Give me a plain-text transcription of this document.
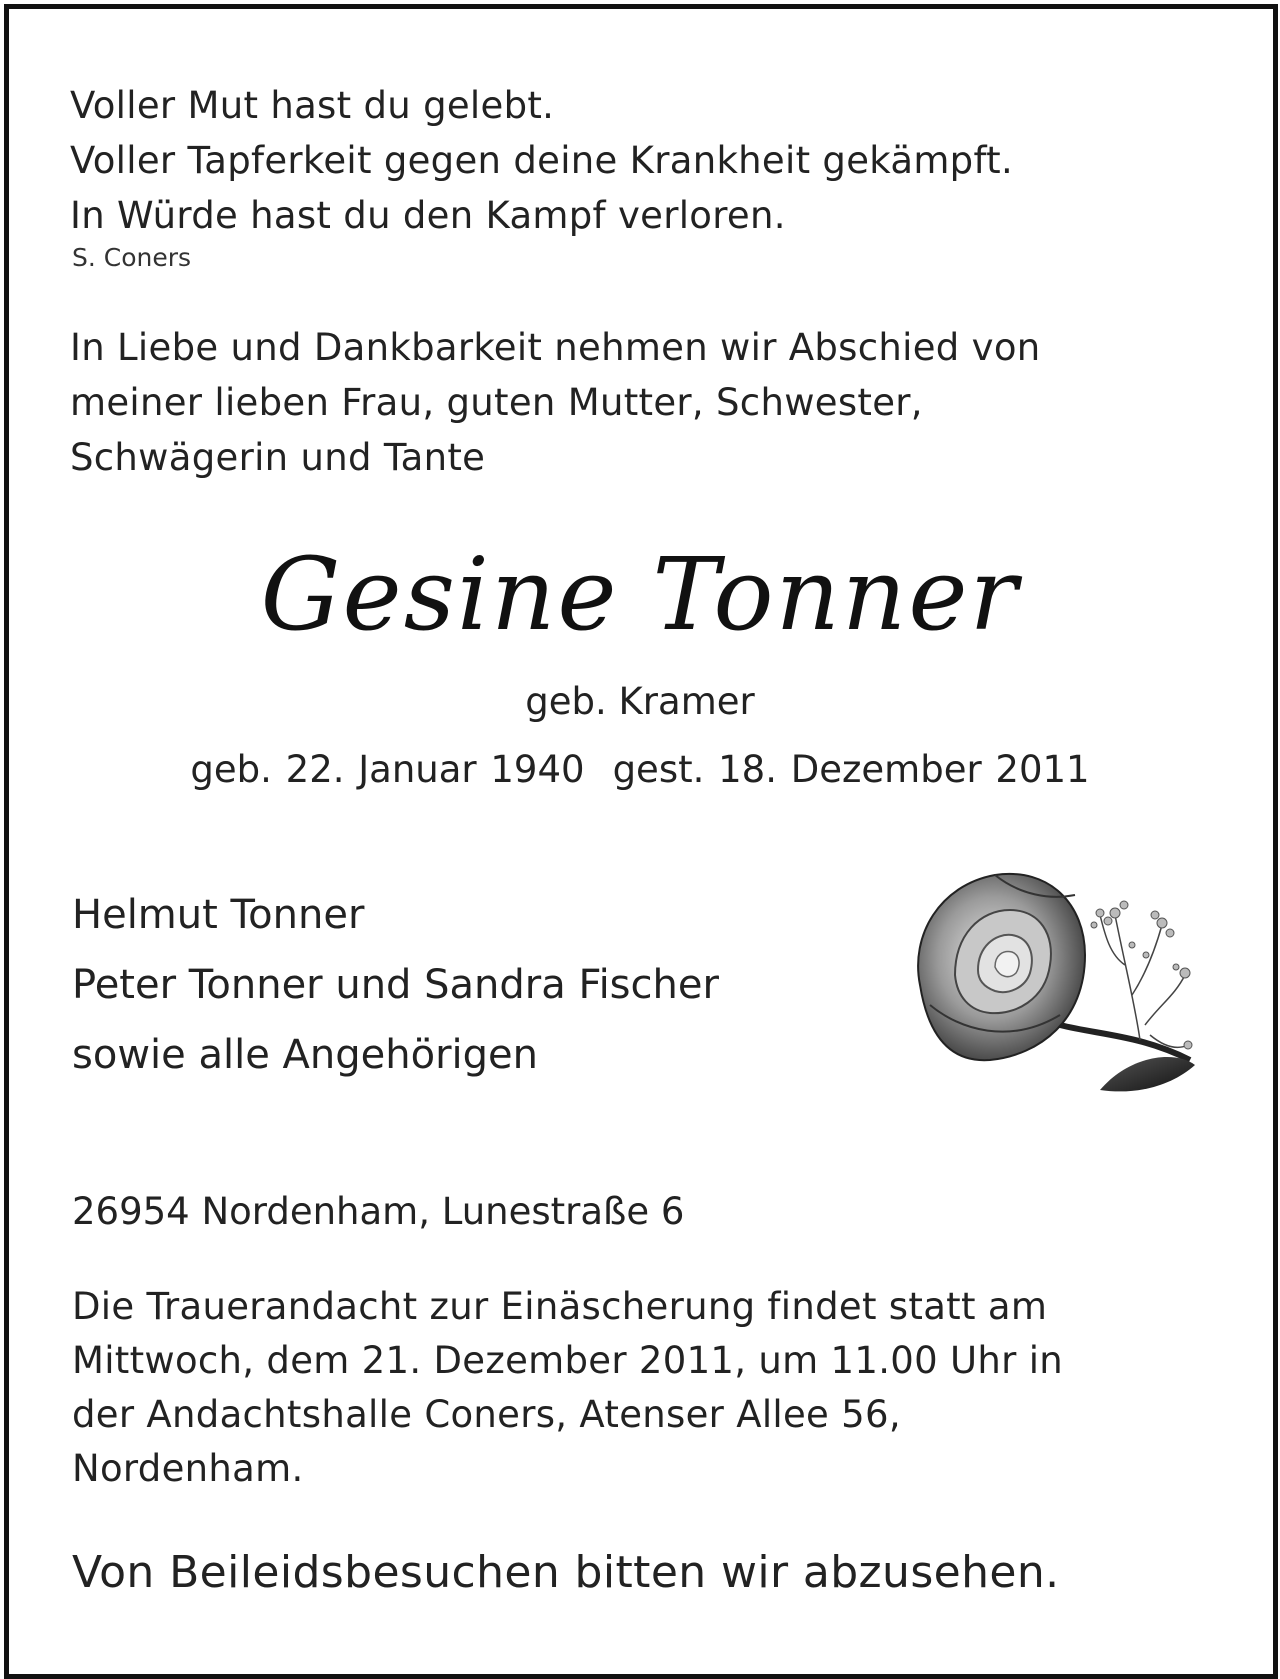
Voller Mut hast du gelebt.
Voller Tapferkeit gegen deine Krankheit gekämpft.
In Würde hast du den Kampf verloren.
S. Coners
In Liebe und Dankbarkeit nehmen wir Abschied von
meiner lieben Frau, guten Mutter, Schwester,
Schwägerin und Tante
Gesine Tonner
geb. Kramer
geb. 22. Januar 1940 gest. 18. Dezember 2011
Helmut Tonner
Peter Tonner und Sandra Fischer
sowie alle Angehörigen
26954 Nordenham, Lunestraße 6
Die Trauerandacht zur Einäscherung findet statt am
Mittwoch, dem 21. Dezember 2011, um 11.00 Uhr in
der Andachtshalle Coners, Atenser Allee 56,
Nordenham.
Von Beileidsbesuchen bitten wir abzusehen.
